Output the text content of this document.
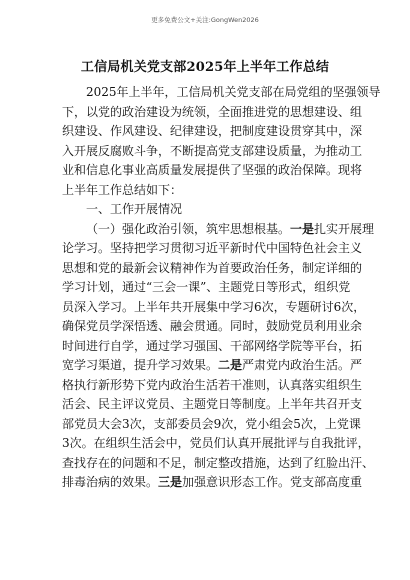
更多免费公文+关注:GongWen2026
工信局机关党支部2025年上半年工作总结
2025年上半年，工信局机关党支部在局党组的坚强领导
下，以党的政治建设为统领，全面推进党的思想建设、组
织建设、作风建设、纪律建设，把制度建设贯穿其中，深
入开展反腐败斗争，不断提高党支部建设质量，为推动工
业和信息化事业高质量发展提供了坚强的政治保障。现将
上半年工作总结如下：
一、工作开展情况
（一）强化政治引领，筑牢思想根基。一是扎实开展理
论学习。坚持把学习贯彻习近平新时代中国特色社会主义
思想和党的最新会议精神作为首要政治任务，制定详细的
学习计划，通过“三会一课”、主题党日等形式，组织党
员深入学习。上半年共开展集中学习6次，专题研讨6次，
确保党员学深悟透、融会贯通。同时，鼓励党员利用业余
时间进行自学，通过学习强国、干部网络学院等平台，拓
宽学习渠道，提升学习效果。二是严肃党内政治生活。严
格执行新形势下党内政治生活若干准则，认真落实组织生
活会、民主评议党员、主题党日等制度。上半年共召开支
部党员大会3次，支部委员会9次，党小组会5次，上党课
3次。在组织生活会中，党员们认真开展批评与自我批评，
查找存在的问题和不足，制定整改措施，达到了红脸出汗、
排毒治病的效果。三是加强意识形态工作。党支部高度重
